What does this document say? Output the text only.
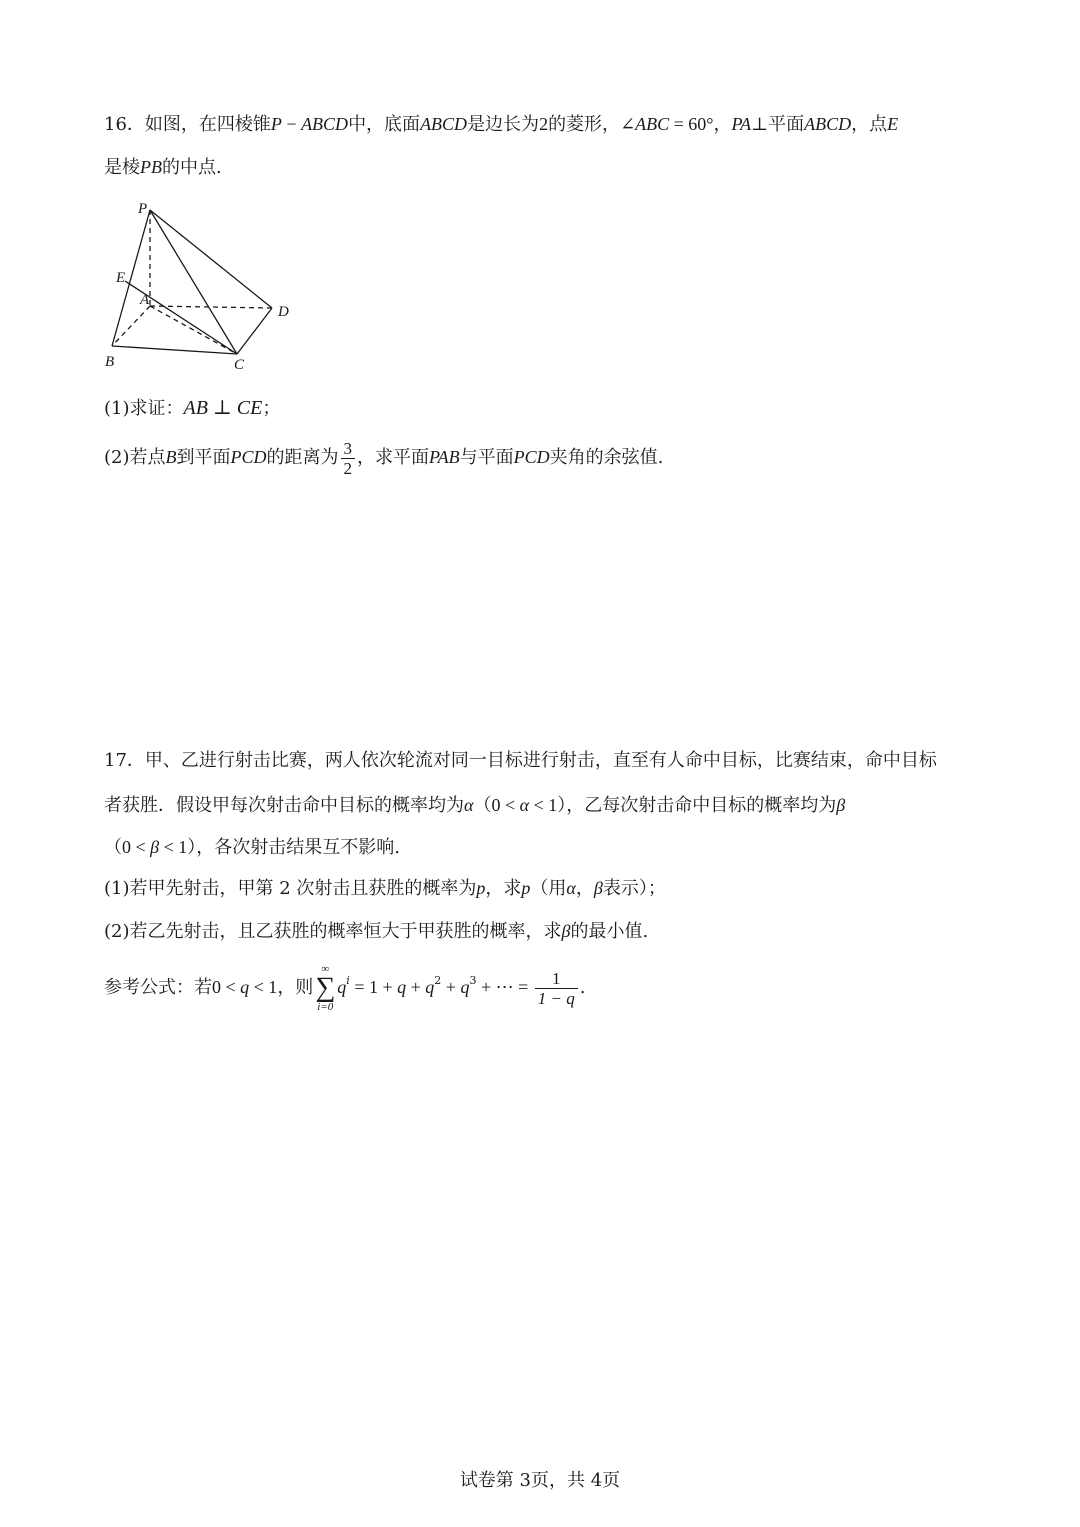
16．如图，在四棱锥P − ABCD中，底面ABCD是边长为2的菱形，∠ABC = 60°，PA⊥平面ABCD，点E
是棱PB的中点.
P
E
A
D
B	C
(1)求证：AB ⊥ CE；
(2)若点B到平面PCD的距离为 $\frac{3}{2}$ ，求平面PAB与平面PCD夹角的余弦值.
17．甲、乙进行射击比赛，两人依次轮流对同一目标进行射击，直至有人命中目标，比赛结束，命中目标
者获胜．假设甲每次射击命中目标的概率均为α（0 < α < 1），乙每次射击命中目标的概率均为β
（0 < β < 1），各次射击结果互不影响.
(1)若甲先射击，甲第 2 次射击且获胜的概率为p，求p（用α，β表示）；
(2)若乙先射击，且乙获胜的概率恒大于甲获胜的概率，求β的最小值.
参考公式：若0 < q < 1，则
∞
∑
i=0
$q^i = 1 + q + q^2 + q^3$ + ⋯ = $\frac{1}{1 - q}$ .
试卷第 3页，共 4页
